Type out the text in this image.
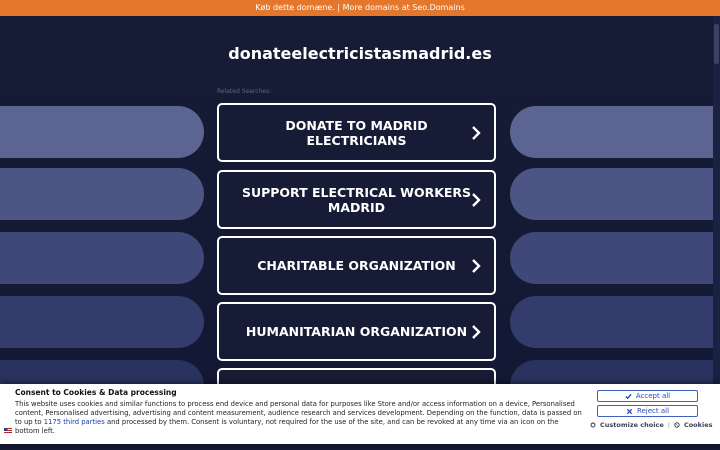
Køb dette domæne. | More domains at Seo.Domains
donateelectricistasmadrid.es
Related Searches:
DONATE TO MADRID ELECTRICIANS
SUPPORT ELECTRICAL WORKERS MADRID
CHARITABLE ORGANIZATION
HUMANITARIAN ORGANIZATION
Consent to Cookies & Data processing

This website uses cookies and similar functions to process end device and personal data for purposes like Store and/or access information on a device, Personalised content, Personalised advertising, advertising and content measurement, audience research and services development. Depending on the function, data is passed on to up to 1175 third parties and processed by them. Consent is voluntary, not required for the use of the site, and can be revoked at any time via an icon on the bottom left.

Accept all
Reject all
Customize choice | Cookies
